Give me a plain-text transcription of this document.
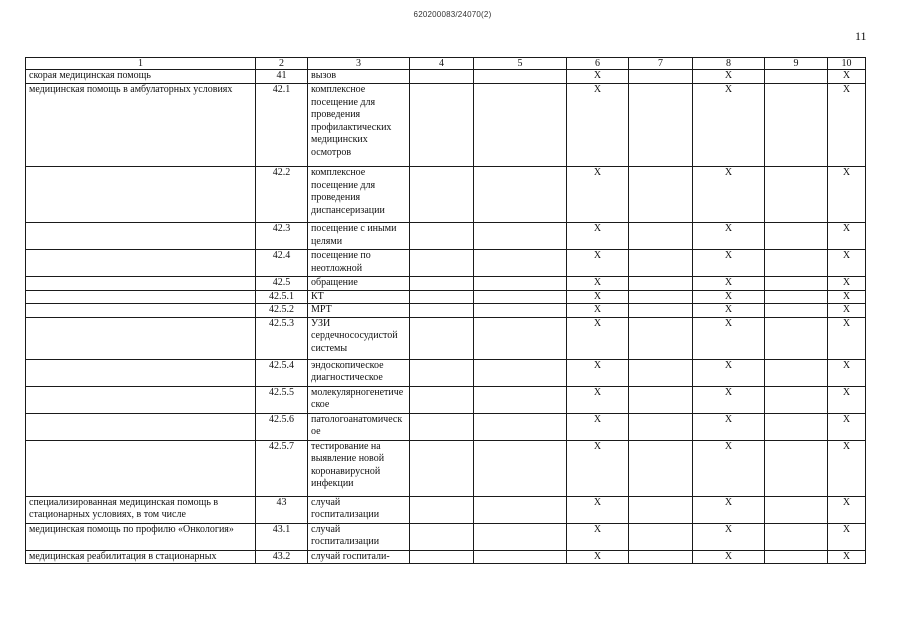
620200083/24070(2)
11
1	2	3	4	5	6	7	8	9	10
скорая медицинская помощь	41	вызов			X		X		X
медицинская помощь в амбулаторных условиях	42.1	комплексное посещение для проведения профилактических медицинских осмотров			X		X		X
	42.2	комплексное посещение для проведения диспансеризации			X		X		X
	42.3	посещение с иными целями			X		X		X
	42.4	посещение по неотложной			X		X		X
	42.5	обращение			X		X		X
	42.5.1	КТ			X		X		X
	42.5.2	МРТ			X		X		X
	42.5.3	УЗИ сердечнососудистой системы			X		X		X
	42.5.4	эндоскопическое диагностическое			X		X		X
	42.5.5	молекулярногенетическое			X		X		X
	42.5.6	патологоанатомическое			X		X		X
	42.5.7	тестирование на выявление новой коронавирусной инфекции			X		X		X
специализированная медицинская помощь в стационарных условиях, в том числе	43	случай госпитализации			X		X		X
медицинская помощь по профилю «Онкология»	43.1	случай госпитализации			X		X		X
медицинская реабилитация в стационарных	43.2	случай госпитали-			X		X		X
